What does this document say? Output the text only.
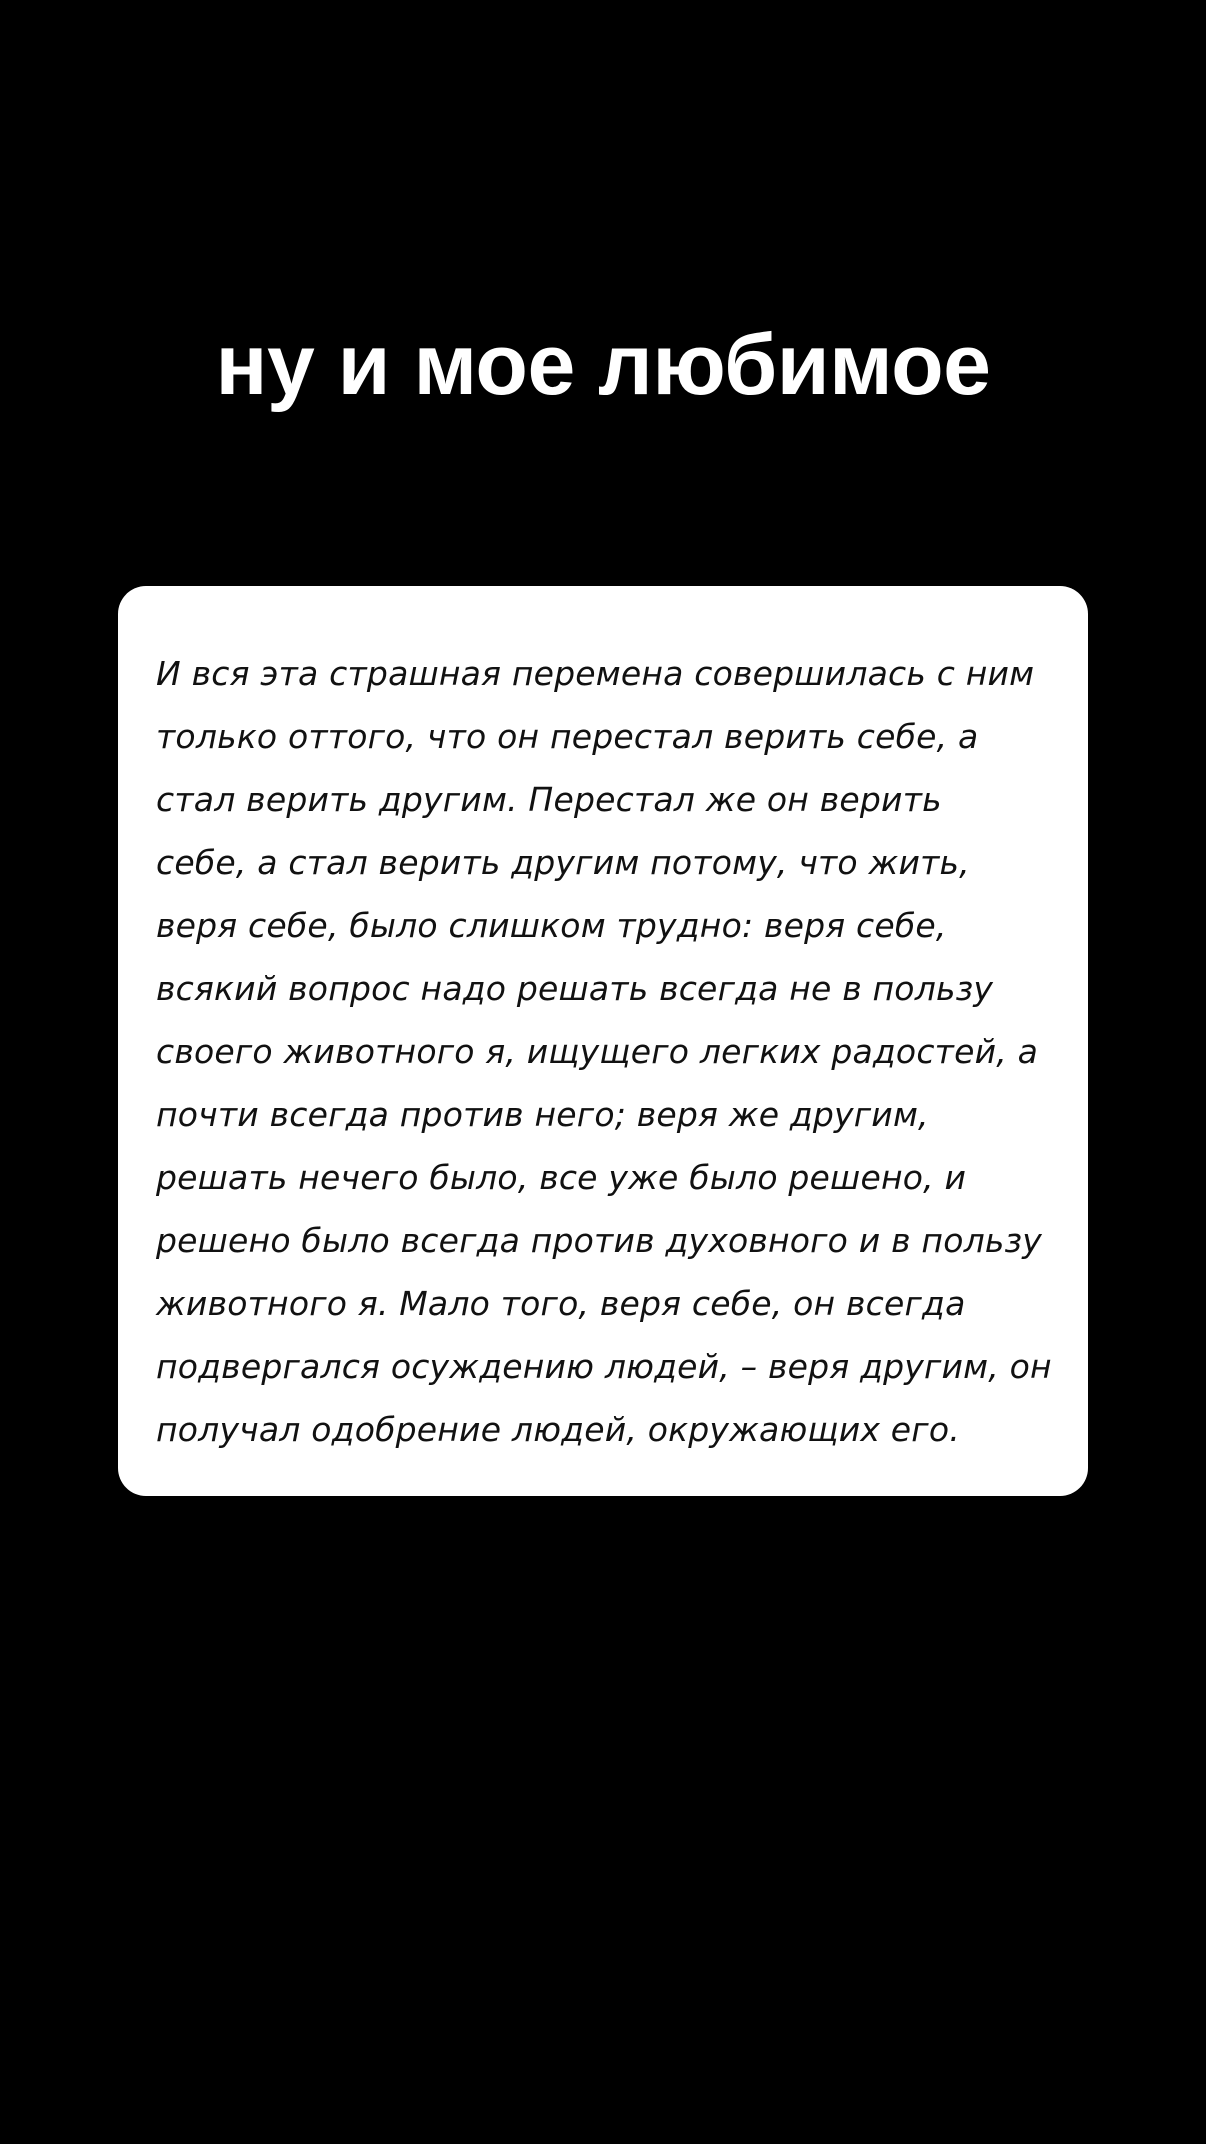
ну и мое любимое
И вся эта страшная перемена совершилась с ним
только оттого, что он перестал верить себе, а
стал верить другим. Перестал же он верить
себе, а стал верить другим потому, что жить,
веря себе, было слишком трудно: веря себе,
всякий вопрос надо решать всегда не в пользу
своего животного я, ищущего легких радостей, а
почти всегда против него; веря же другим,
решать нечего было, все уже было решено, и
решено было всегда против духовного и в пользу
животного я. Мало того, веря себе, он всегда
подвергался осуждению людей, – веря другим, он
получал одобрение людей, окружающих его.
